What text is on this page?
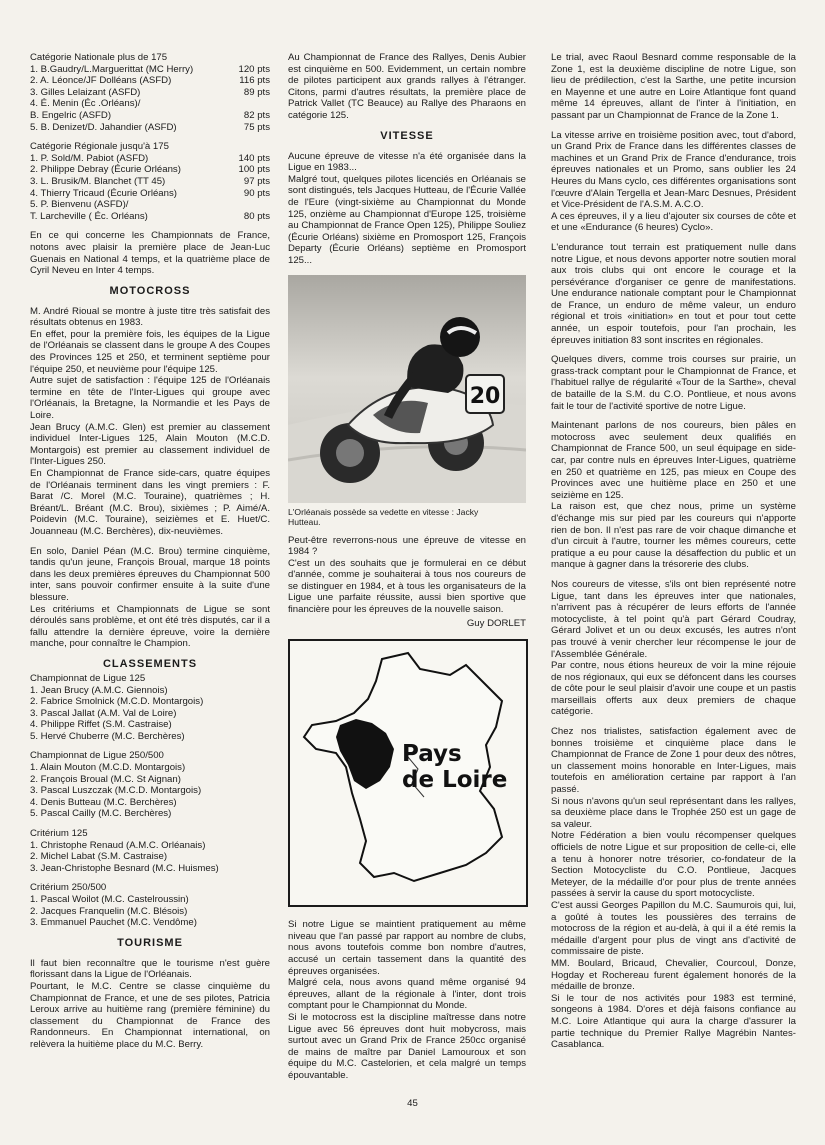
Catégorie Nationale plus de 175
1. B.Gaudry/L.Marguerittat (MC Herry)	120 pts
2. A. Léonce/JF Dolléans (ASFD)	116 pts
3. Gilles Lelaizant (ASFD)	89 pts
4. É. Menin (Éc .Orléans)/
B. Engelric (ASFD)	82 pts
5. B. Denizet/D. Jahandier (ASFD)	75 pts
Catégorie Régionale jusqu'à 175
1. P. Sold/M. Pabiot (ASFD)	140 pts
2. Philippe Debray (Écurie Orléans)	100 pts
3. L. Brusik/M. Blanchet (TT 45)	97 pts
4. Thierry Tricaud (Écurie Orléans)	90 pts
5. P. Bienvenu (ASFD)/
T. Larcheville ( Éc. Orléans)	80 pts

En ce qui concerne les Championnats de France, notons avec plaisir la première place de Jean-Luc Guenais en National 4 temps, et la quatrième place de Cyril Neveu en Inter 4 temps.

MOTOCROSS

M. André Rioual se montre à juste titre très satisfait des résultats obtenus en 1983.
En effet, pour la première fois, les équipes de la Ligue de l'Orléanais se classent dans le groupe A des Coupes des Provinces 125 et 250, et terminent septième pour l'équipe 250, et neuvième pour l'équipe 125.
Autre sujet de satisfaction : l'équipe 125 de l'Orléanais termine en tête de l'Inter-Ligues qui groupe avec l'Orléanais, la Bretagne, la Normandie et les Pays de Loire.
Jean Brucy (A.M.C. Glen) est premier au classement individuel Inter-Ligues 125, Alain Mouton (M.C.D. Montargois) est premier au classement individuel de l'Inter-Ligues 250.
En Championnat de France side-cars, quatre équipes de l'Orléanais terminent dans les vingt premiers : F. Barat /C. Morel (M.C. Touraine), quatrièmes ; H. Bréant/L. Bréant (M.C. Brou), sixièmes ; P. Aimé/A. Poidevin (M.C. Touraine), seizièmes et E. Huet/C. Jouanneau (M.C. Berchères), dix-neuvièmes.

En solo, Daniel Péan (M.C. Brou) termine cinquième, tandis qu'un jeune, François Broual, marque 18 points dans les deux premières épreuves du Championnat 500 inter, sans pouvoir confirmer ensuite à la suite d'une blessure.
Les critériums et Championnats de Ligue se sont déroulés sans problème, et ont été très disputés, car il a fallu attendre la dernière épreuve, voire la dernière manche, pour connaître le Champion.

CLASSEMENTS
Championnat de Ligue 125
1. Jean Brucy (A.M.C. Giennois)
2. Fabrice Smolnick (M.C.D. Montargois)
3. Pascal Jallat (A.M. Val de Loire)
4. Philippe Riffet (S.M. Castraise)
5. Hervé Chuberre (M.C. Berchères)
Championnat de Ligue 250/500
1. Alain Mouton (M.C.D. Montargois)
2. François Broual (M.C. St Aignan)
3. Pascal Luszczak (M.C.D. Montargois)
4. Denis Butteau (M.C. Berchères)
5. Pascal Cailly (M.C. Berchères)
Critérium 125
1. Christophe Renaud (A.M.C. Orléanais)
2. Michel Labat (S.M. Castraise)
3. Jean-Christophe Besnard (M.C. Huismes)
Critérium 250/500
1. Pascal Woilot (M.C. Castelroussin)
2. Jacques Franquelin (M.C. Blésois)
3. Emmanuel Pauchet (M.C. Vendôme)
TOURISME

Il faut bien reconnaître que le tourisme n'est guère florissant dans la Ligue de l'Orléanais.
Pourtant, le M.C. Centre se classe cinquième du Championnat de France, et une de ses pilotes, Patricia Leroux arrive au huitième rang (première féminine) du classement du Championnat de France des Randonneurs. En Championnat international, on relèvera la huitième place du M.C. Berry.

Au Championnat de France des Rallyes, Denis Aubier est cinquième en 500. Evidemment, un certain nombre de pilotes participent aux grands rallyes à l'étranger. Citons, parmi d'autres résultats, la première place de Patrick Vallet (TC Beauce) au Rallye des Pharaons en catégorie 125.

VITESSE

Aucune épreuve de vitesse n'a été organisée dans la Ligue en 1983...
Malgré tout, quelques pilotes licenciés en Orléanais se sont distingués, tels Jacques Hutteau, de l'Écurie Vallée de l'Eure (vingt-sixième au Championnat du Monde 125, onzième au Championnat d'Europe 125, troisième au Championnat de France Open 125), Philippe Souliez (Écurie Orléans) sixième en Promosport 125, François Departy (Écurie Orléans) septième en Promosport 125...

20
L'Orléanais possède sa vedette en vitesse : Jacky
Hutteau.

Peut-être reverrons-nous une épreuve de vitesse en 1984 ?
C'est un des souhaits que je formulerai en ce début d'année, comme je souhaiterai à tous nos coureurs de se distinguer en 1984, et à tous les organisateurs de la Ligue une parfaite réussite, aussi bien sportive que financière pour les épreuves de la nouvelle saison.

Guy DORLET
Pays
de Loire

Si notre Ligue se maintient pratiquement au même niveau que l'an passé par rapport au nombre de clubs, nous avons toutefois comme bon nombre d'autres, accusé un certain tassement dans la quantité des épreuves organisées.
Malgré cela, nous avons quand même organisé 94 épreuves, allant de la régionale à l'inter, dont trois comptant pour le Championnat du Monde.
Si le motocross est la discipline maîtresse dans notre Ligue avec 56 épreuves dont huit mobycross, mais surtout avec un Grand Prix de France 250cc organisé de mains de maître par Daniel Lamouroux et son équipe du M.C. Castelorien, et cela malgré un temps épouvantable.

Le trial, avec Raoul Besnard comme responsable de la Zone 1, est la deuxième discipline de notre Ligue, son lieu de prédilection, c'est la Sarthe, une petite incursion en Mayenne et une autre en Loire Atlantique font quand même 14 épreuves, allant de l'inter à l'initiation, en passant par un Championnat de France de la Zone 1.

La vitesse arrive en troisième position avec, tout d'abord, un Grand Prix de France dans les différentes classes de machines et un Grand Prix de France d'endurance, trois épreuves nationales et un Promo, sans oublier les 24 Heures du Mans cyclo, ces différentes organisations sont l'œuvre d'Alain Tergella et Jean-Marc Desnues, Président et Vice-Président de l'A.S.M. A.C.O.
A ces épreuves, il y a lieu d'ajouter six courses de côte et et une «Endurance (6 heures) Cyclo».

L'endurance tout terrain est pratiquement nulle dans notre Ligue, et nous devons apporter notre soutien moral aux trois clubs qui ont encore le courage et la persévérance d'organiser ce genre de manifestations. Une endurance nationale comptant pour le Championnat de France, un enduro de même valeur, un enduro régional et trois «initiation» en tout et pour tout cette année, un espoir toutefois, pour l'an prochain, les épreuves initiation 83 sont inscrites en régionales.

Quelques divers, comme trois courses sur prairie, un grass-track comptant pour le Championnat de France, et l'habituel rallye de régularité «Tour de la Sarthe», cheval de bataille de la S.M. du C.O. Pontlieue, et nous avons fait le tour de l'activité sportive de notre Ligue.

Maintenant parlons de nos coureurs, bien pâles en motocross avec seulement deux qualifiés en Championnat de France 500, un seul équipage en side-car, par contre nuls en épreuves Inter-Ligues, quatrième en 250 et quatrième en 125, pas mieux en Coupe des Provinces avec une huitième place en 250 et une seizième en 125.
La raison est, que chez nous, prime un système d'échange mis sur pied par les coureurs qui n'apporte rien de bon. Il n'est pas rare de voir chaque dimanche et d'un circuit à l'autre, tourner les mêmes coureurs, cette pratique a eu pour cause la désaffection du public et un manque à gagner dans la trésorerie des clubs.

Nos coureurs de vitesse, s'ils ont bien représenté notre Ligue, tant dans les épreuves inter que nationales, n'arrivent pas à récupérer de leurs efforts de l'année motocycliste, à tel point qu'à part Gérard Coudray, Gérard Jolivet et un ou deux excusés, les autres n'ont pas trouvé à venir chercher leur récompense le jour de l'Assemblée Générale.
Par contre, nous étions heureux de voir la mine réjouie de nos régionaux, qui eux se défoncent dans les courses de côte pour le seul plaisir d'avoir une coupe et un pastis marseillais offerts aux deux premiers de chaque catégorie.

Chez nos trialistes, satisfaction également avec de bonnes troisième et cinquième place dans le Championnat de France de Zone 1 pour deux des nôtres, un classement moins honorable en Inter-Ligues, mais toutefois en amélioration certaine par rapport à l'an passé.
Si nous n'avons qu'un seul représentant dans les rallyes, sa deuxième place dans le Trophée 250 est un gage de sa valeur.
Notre Fédération a bien voulu récompenser quelques officiels de notre Ligue et sur proposition de celle-ci, elle a tenu à honorer notre trésorier, co-fondateur de la Section Motocycliste du C.O. Pontlieue, Jacques Meteyer, de la médaille d'or pour plus de trente années passées à servir la cause du sport motocycliste.
C'est aussi Georges Papillon du M.C. Saumurois qui, lui, a goûté à toutes les poussières des terrains de motocross de la région et au-delà, à qui il a été remis la médaille d'argent pour plus de vingt ans d'activité de commissaire de piste.
MM. Boulard, Bricaud, Chevalier, Courcoul, Donze, Hogday et Rochereau furent également honorés de la médaille de bronze.
Si le tour de nos activités pour 1983 est terminé, songeons à 1984. D'ores et déjà faisons confiance au M.C. Loire Atlantique qui aura la charge d'assurer la partie technique du Premier Rallye Magrébin Nantes-Casablanca.

45
